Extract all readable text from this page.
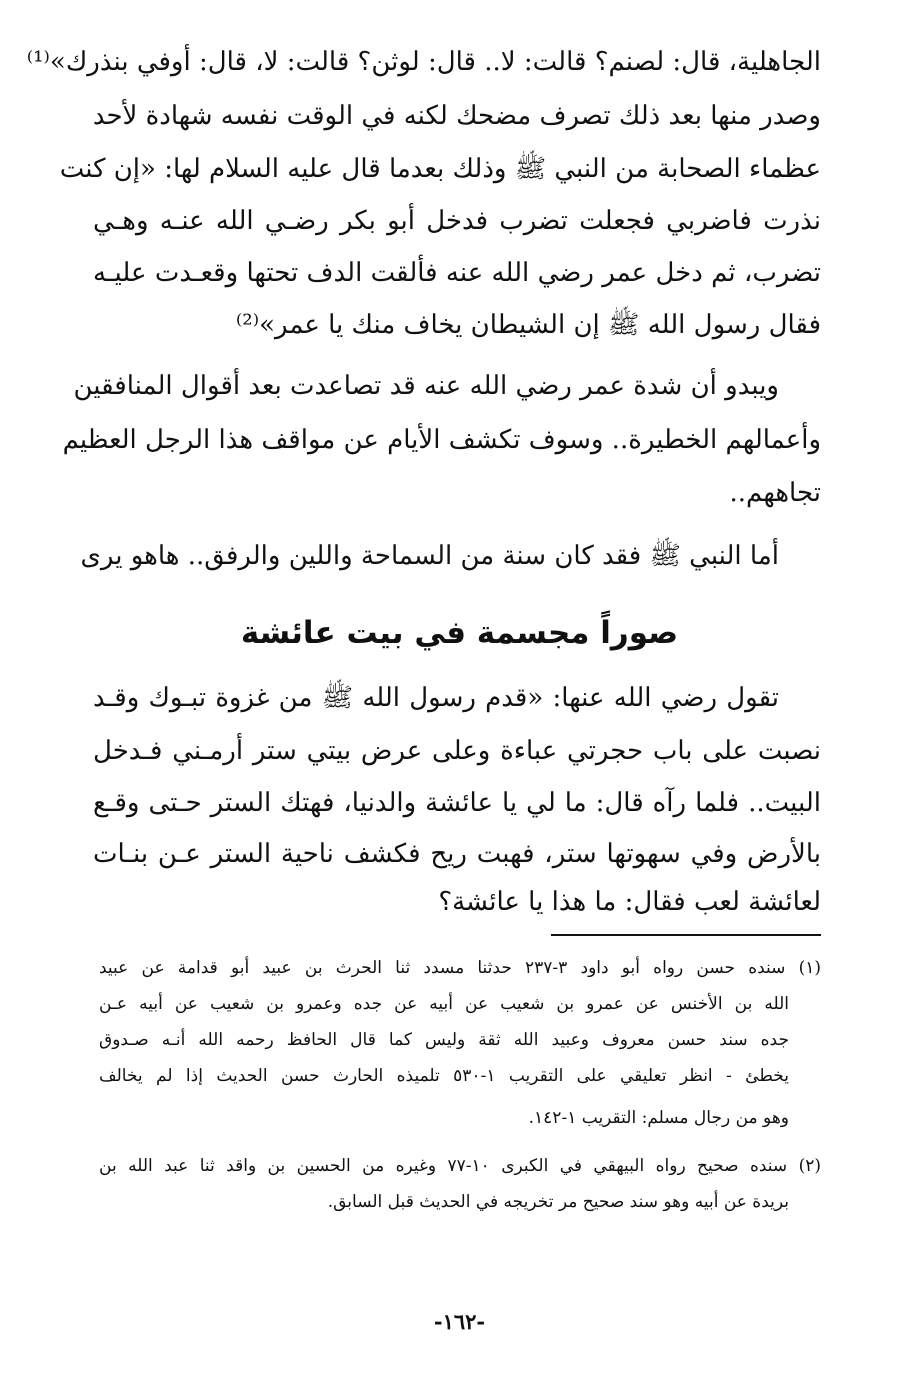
الجاهلية، قال: لصنم؟ قالت: لا.. قال: لوثن؟ قالت: لا، قال: أوفي بنذرك»⁽¹⁾
وصدر منها بعد ذلك تصرف مضحك لكنه في الوقت نفسه شهادة لأحد
عظماء الصحابة من النبي ﷺ وذلك بعدما قال عليه السلام لها: «إن كنت
نذرت فاضربي فجعلت تضرب فدخل أبو بكر رضـي الله عنـه وهـي
تضرب، ثم دخل عمر رضي الله عنه فألقت الدف تحتها وقعـدت عليـه
فقال رسول الله ﷺ إن الشيطان يخاف منك يا عمر»⁽²⁾
ويبدو أن شدة عمر رضي الله عنه قد تصاعدت بعد أقوال المنافقين
وأعمالهم الخطيرة.. وسوف تكشف الأيام عن مواقف هذا الرجل العظيم
تجاههم..
أما النبي ﷺ فقد كان سنة من السماحة واللين والرفق.. هاهو يرى
صوراً مجسمة في بيت عائشة
تقول رضي الله عنها: «قدم رسول الله ﷺ من غزوة تبـوك وقـد
نصبت على باب حجرتي عباءة وعلى عرض بيتي ستر أرمـني فـدخل
البيت.. فلما رآه قال: ما لي يا عائشة والدنيا، فهتك الستر حـتى وقـع
بالأرض وفي سهوتها ستر، فهبت ريح فكشف ناحية الستر عـن بنـات
لعائشة لعب فقال: ما هذا يا عائشة؟
(١) سنده حسن رواه أبو داود ٣-٢٣٧ حدثنا مسدد ثنا الحرث بن عبيد أبو قدامة عن عبيد
الله بن الأخنس عن عمرو بن شعيب عن أبيه عن جده وعمرو بن شعيب عن أبيه عـن
جده سند حسن معروف وعبيد الله ثقة وليس كما قال الحافظ رحمه الله أنـه صـدوق
يخطئ - انظر تعليقي على التقريب ١-٥٣٠ تلميذه الحارث حسن الحديث إذا لم يخالف
وهو من رجال مسلم: التقريب ١-١٤٢.
(٢) سنده صحيح رواه البيهقي في الكبرى ١٠-٧٧ وغيره من الحسين بن واقد ثنا عبد الله بن
بريدة عن أبيه وهو سند صحيح مر تخريجه في الحديث قبل السابق.
-١٦٢-
